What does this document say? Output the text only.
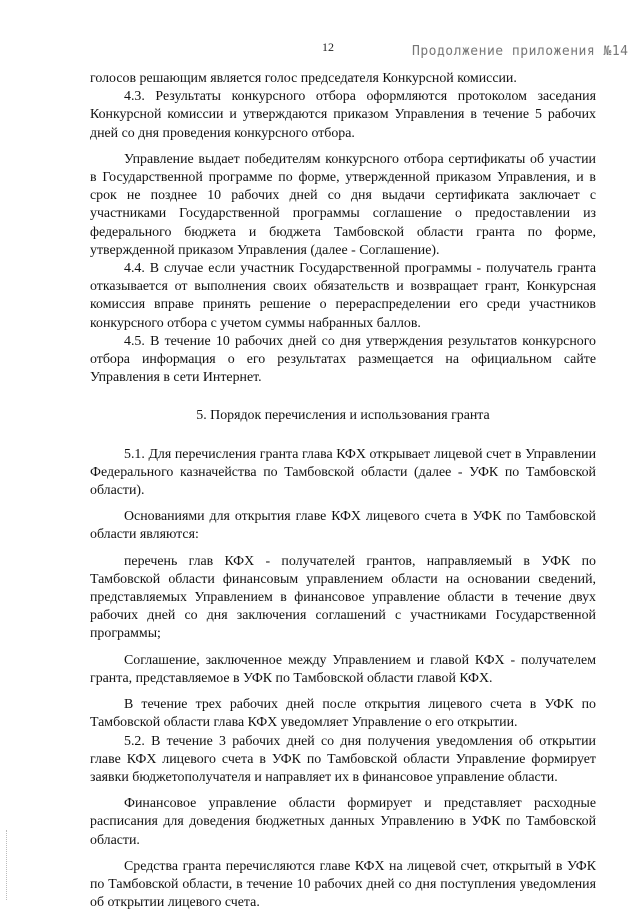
12	Продолжение приложения №14

голосов решающим является голос председателя Конкурсной комиссии.

4.3. Результаты конкурсного отбора оформляются протоколом заседания Конкурсной комиссии и утверждаются приказом Управления в течение 5 рабочих дней со дня проведения конкурсного отбора.

Управление выдает победителям конкурсного отбора сертификаты об участии в Государственной программе по форме, утвержденной приказом Управления, и в срок не позднее 10 рабочих дней со дня выдачи сертификата заключает с участниками Государственной программы соглашение о предоставлении из федерального бюджета и бюджета Тамбовской области гранта по форме, утвержденной приказом Управления (далее - Соглашение).

4.4. В случае если участник Государственной программы - получатель гранта отказывается от выполнения своих обязательств и возвращает грант, Конкурсная комиссия вправе принять решение о перераспределении его среди участников конкурсного отбора с учетом суммы набранных баллов.

4.5. В течение 10 рабочих дней со дня утверждения результатов конкурсного отбора информация о его результатах размещается на официальном сайте Управления в сети Интернет.

5. Порядок перечисления и использования гранта

5.1. Для перечисления гранта глава КФХ открывает лицевой счет в Управлении Федерального казначейства по Тамбовской области (далее - УФК по Тамбовской области).

Основаниями для открытия главе КФХ лицевого счета в УФК по Тамбовской области являются:

перечень глав КФХ - получателей грантов, направляемый в УФК по Тамбовской области финансовым управлением области на основании сведений, представляемых Управлением в финансовое управление области в течение двух рабочих дней со дня заключения соглашений с участниками Государственной программы;

Соглашение, заключенное между Управлением и главой КФХ - получателем гранта, представляемое в УФК по Тамбовской области главой КФХ.

В течение трех рабочих дней после открытия лицевого счета в УФК по Тамбовской области глава КФХ уведомляет Управление о его открытии.

5.2. В течение 3 рабочих дней со дня получения уведомления об открытии главе КФХ лицевого счета в УФК по Тамбовской области Управление формирует заявки бюджетополучателя и направляет их в финансовое управление области.

Финансовое управление области формирует и представляет расходные расписания для доведения бюджетных данных Управлению в УФК по Тамбовской области.

Средства гранта перечисляются главе КФХ на лицевой счет, открытый в УФК по Тамбовской области, в течение 10 рабочих дней со дня поступления уведомления об открытии лицевого счета.
